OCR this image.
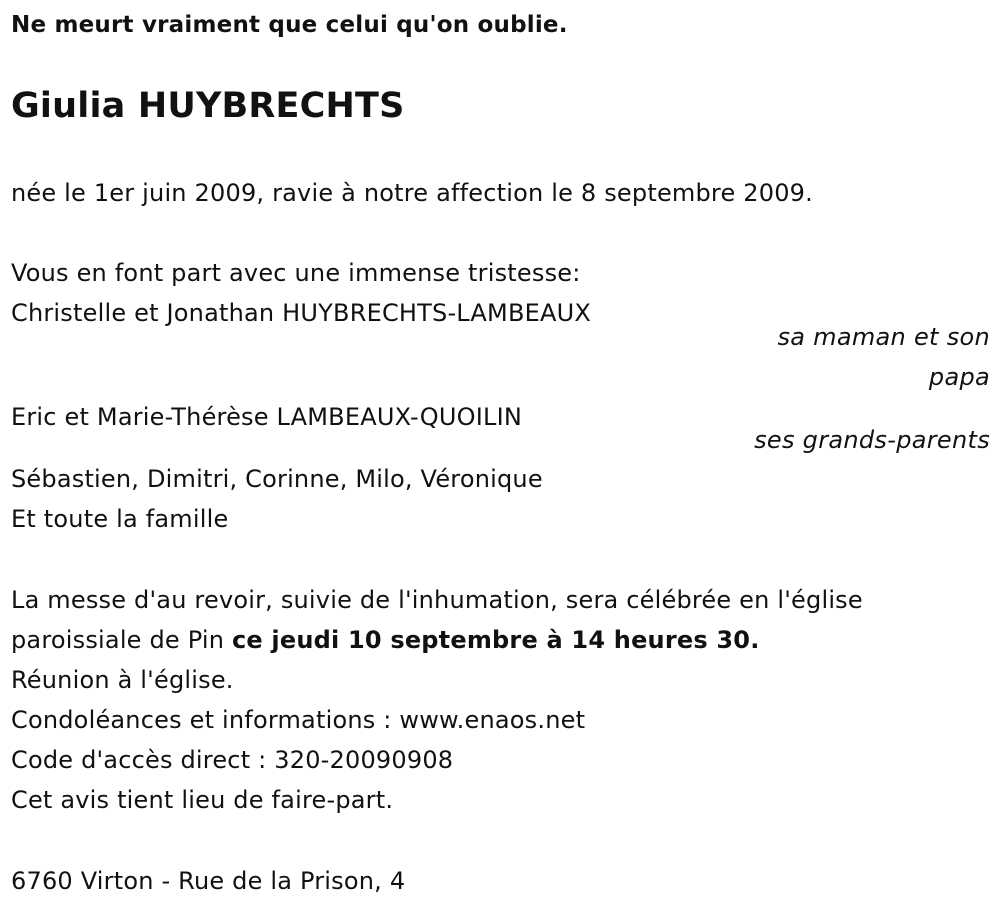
Ne meurt vraiment que celui qu'on oublie.
Giulia HUYBRECHTS
née le 1er juin 2009, ravie à notre affection le 8 septembre 2009.
Vous en font part avec une immense tristesse:
Christelle et Jonathan HUYBRECHTS-LAMBEAUX
sa maman et son
papa
Eric et Marie-Thérèse LAMBEAUX-QUOILIN
ses grands-parents
Sébastien, Dimitri, Corinne, Milo, Véronique
Et toute la famille
La messe d'au revoir, suivie de l'inhumation, sera célébrée en l'église
paroissiale de Pin ce jeudi 10 septembre à 14 heures 30.
Réunion à l'église.
Condoléances et informations : www.enaos.net
Code d'accès direct : 320-20090908
Cet avis tient lieu de faire-part.
6760 Virton - Rue de la Prison, 4
